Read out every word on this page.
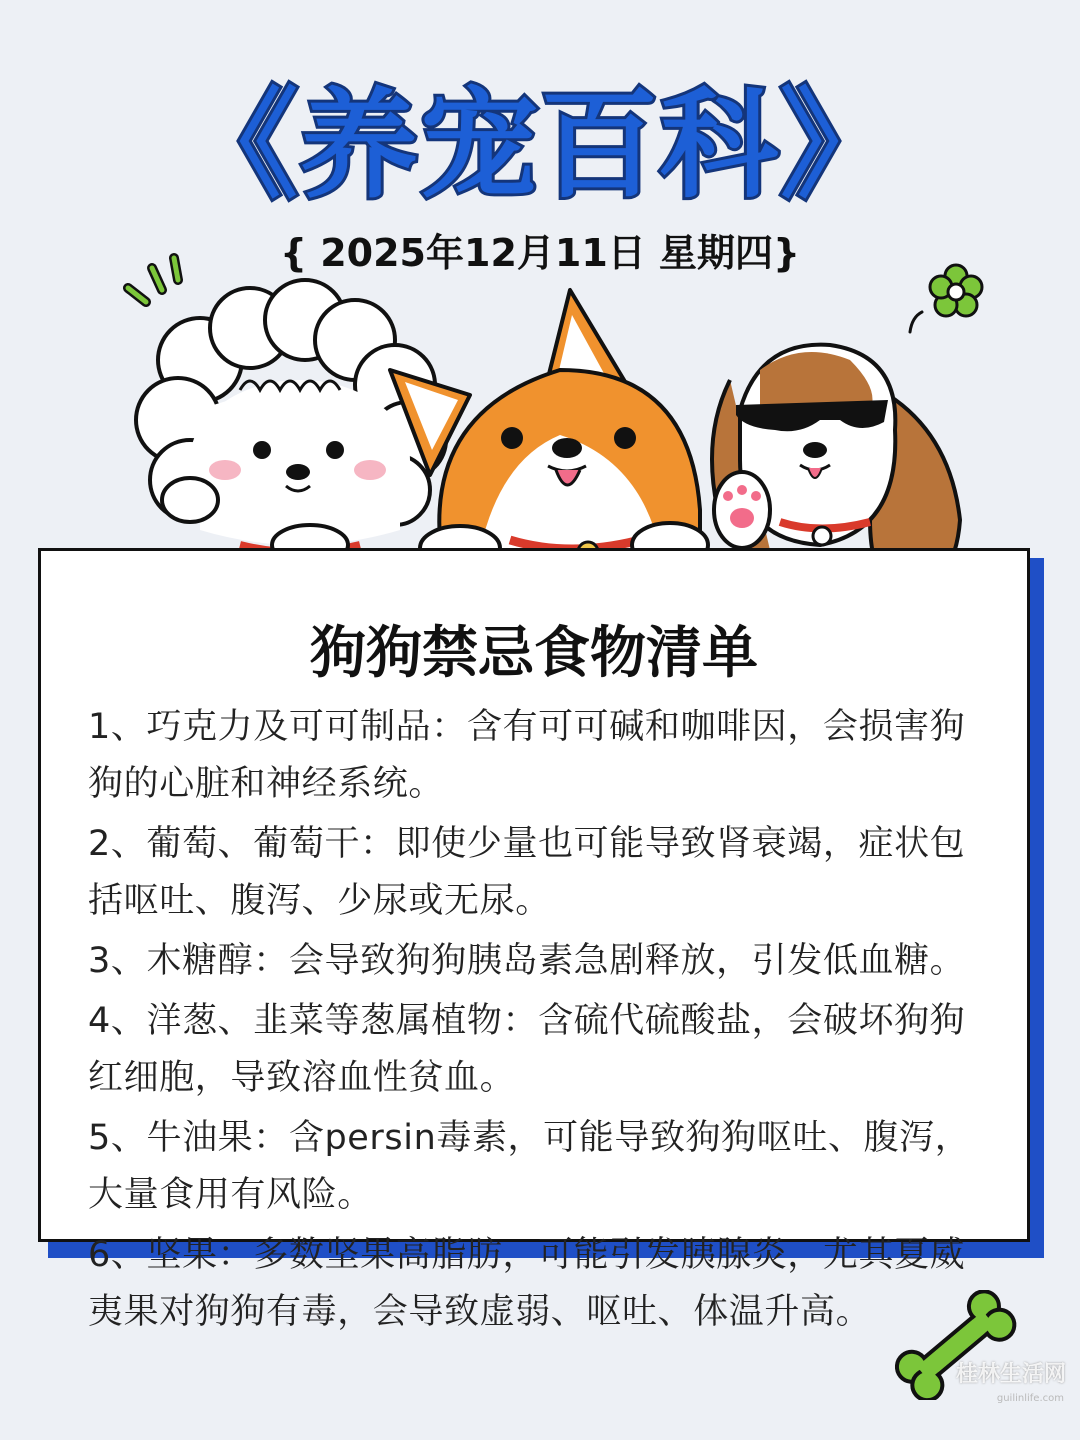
《养宠百科》
{ 2025年12月11日 星期四}
狗狗禁忌食物清单

1、巧克力及可可制品：含有可可碱和咖啡因，会损害狗狗的心脏和神经系统。

2、葡萄、葡萄干：即使少量也可能导致肾衰竭，症状包括呕吐、腹泻、少尿或无尿。

3、木糖醇：会导致狗狗胰岛素急剧释放，引发低血糖。

4、洋葱、韭菜等葱属植物：含硫代硫酸盐，会破坏狗狗红细胞，导致溶血性贫血。

5、牛油果：含persin毒素，可能导致狗狗呕吐、腹泻，大量食用有风险。

6、坚果：多数坚果高脂肪，可能引发胰腺炎，尤其夏威夷果对狗狗有毒，会导致虚弱、呕吐、体温升高。

桂林生活网
guilinlife.com
